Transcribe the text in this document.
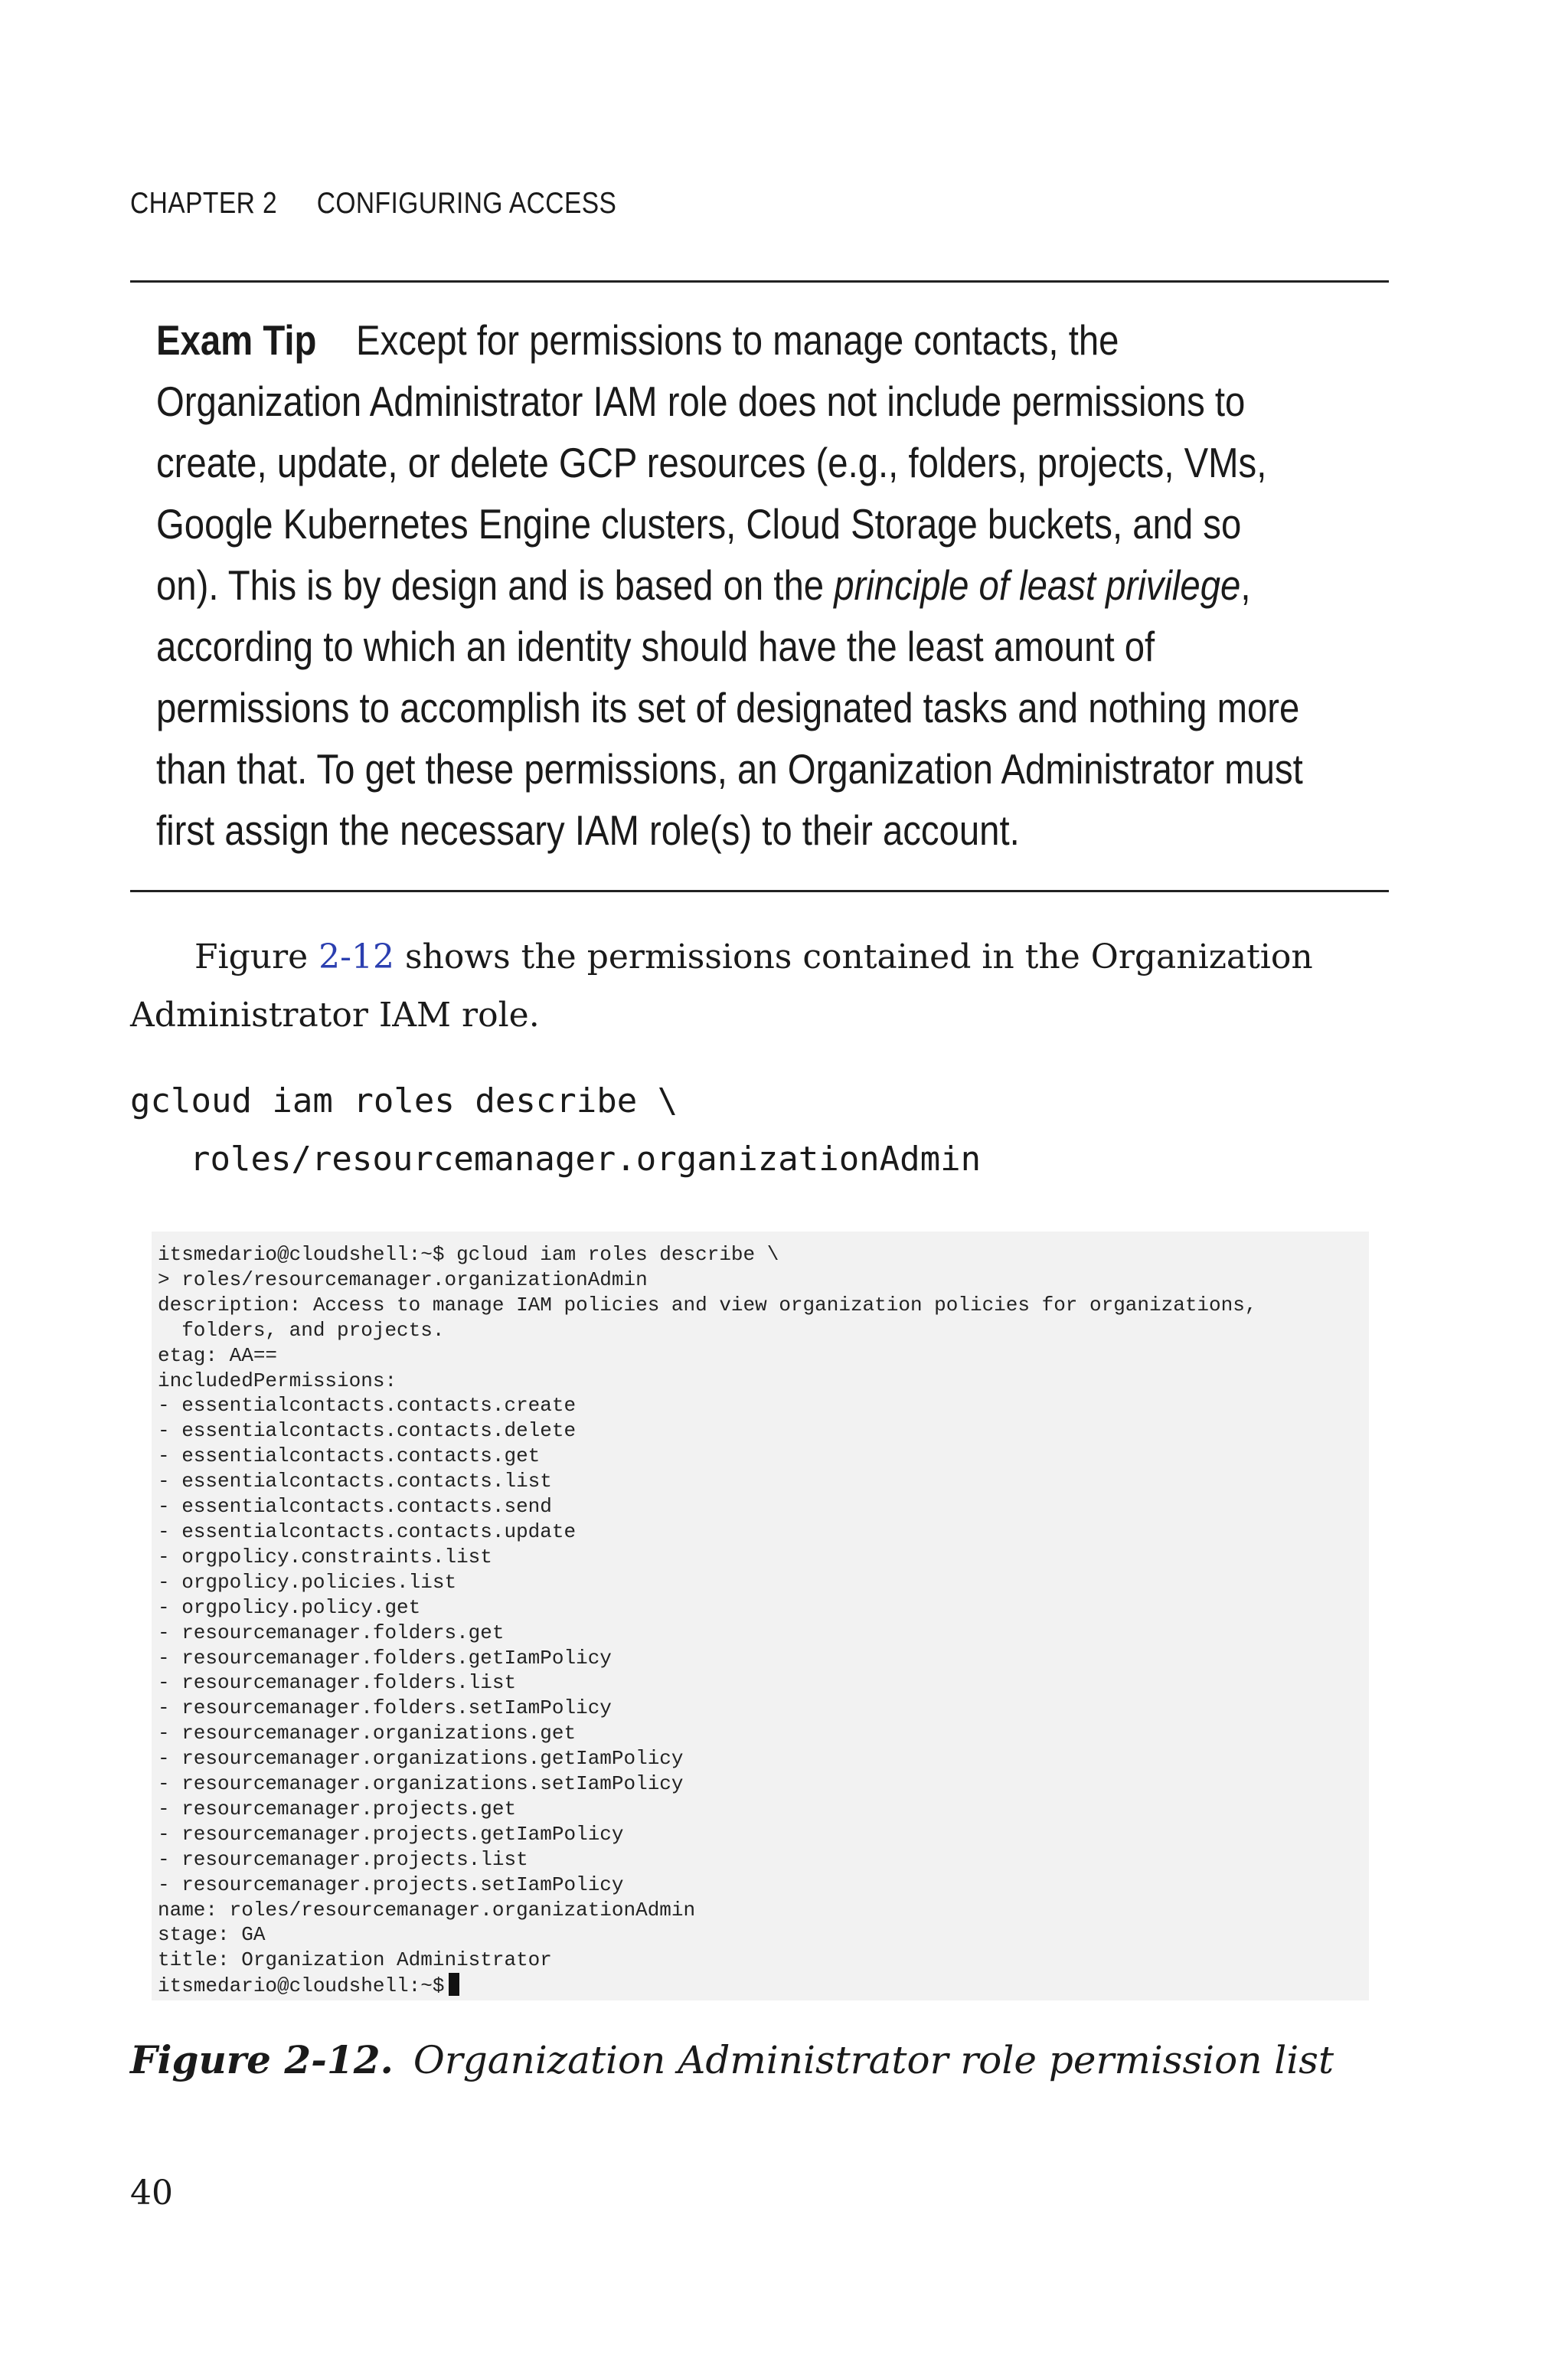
CHAPTER 2 CONFIGURING ACCESS
Exam Tip Except for permissions to manage contacts, the
Organization Administrator IAM role does not include permissions to
create, update, or delete GCP resources (e.g., folders, projects, VMs,
Google Kubernetes Engine clusters, Cloud Storage buckets, and so
on). This is by design and is based on the principle of least privilege,
according to which an identity should have the least amount of
permissions to accomplish its set of designated tasks and nothing more
than that. To get these permissions, an Organization Administrator must
first assign the necessary IAM role(s) to their account.
Figure 2-12 shows the permissions contained in the Organization
Administrator IAM role.
gcloud iam roles describe \
roles/resourcemanager.organizationAdmin
itsmedario@cloudshell:~$ gcloud iam roles describe \
> roles/resourcemanager.organizationAdmin
description: Access to manage IAM policies and view organization policies for organizations,
folders, and projects.
etag: AA==
includedPermissions:
- essentialcontacts.contacts.create
- essentialcontacts.contacts.delete
- essentialcontacts.contacts.get
- essentialcontacts.contacts.list
- essentialcontacts.contacts.send
- essentialcontacts.contacts.update
- orgpolicy.constraints.list
- orgpolicy.policies.list
- orgpolicy.policy.get
- resourcemanager.folders.get
- resourcemanager.folders.getIamPolicy
- resourcemanager.folders.list
- resourcemanager.folders.setIamPolicy
- resourcemanager.organizations.get
- resourcemanager.organizations.getIamPolicy
- resourcemanager.organizations.setIamPolicy
- resourcemanager.projects.get
- resourcemanager.projects.getIamPolicy
- resourcemanager.projects.list
- resourcemanager.projects.setIamPolicy
name: roles/resourcemanager.organizationAdmin
stage: GA
title: Organization Administrator
itsmedario@cloudshell:~$
Figure 2-12. Organization Administrator role permission list
40
